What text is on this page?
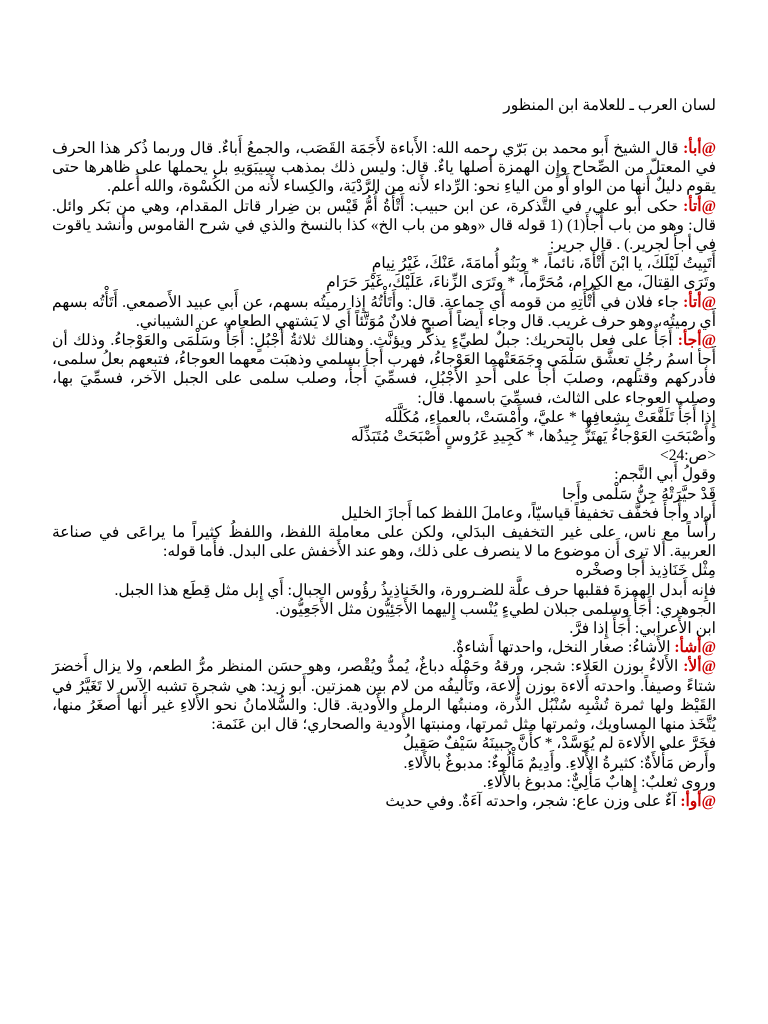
لسان العرب ـ للعلامة ابن المنظور
@أبأ: قال الشيخ أَبو محمد بن بَرّي رحمه الله: الأَباءة لأَجَمَة القَصَب، والجمعُ أَباءٌ. قال وربما ذُكر هذا الحرف في المعتلّ من الصِّحاح وإِن الهمزة أَصلها ياءٌ. قال: وليس ذلك بمذهب سِيبَوَيهِ بل يحملها على ظاهرها حتى يقوم دليلٌ أَنها من الواو أَو من الياءِ نحو: الرِّداء لأَنه من الرَّدْيَة، والكِساء لأَنه من الكُسْوة، والله أَعلم.
@أتأ: حكى أَبو علي، في التَّذكرة، عن ابن حبيب: أَتْأَةُ أُمُّ قَيْس بن ضِرار قاتل المقدام، وهي من بَكر وائل. قال: وهو من باب أَجأَ(1) (1 قوله قال «وهو من باب الخ» كذا بالنسخ والذي في شرح القاموس وأنشد ياقوت في أجأ لجرير.) . قال جرير:
أَتَبِيتُ لَيْلَكَ، يا ابْنَ أَتْأَةَ، نائماً، * وبَنُو أُمامَةَ، عَنْكَ، غَيْرُ نِيامِ
وتَرَى القِتالَ، مع الكِرام، مُحَرَّماً، * وتَرَى الزِّناءَ، عَلَيْكَ، غَيْرَ حَرَامِ
@أتأ: جاء فلان في أُتْأَتِهِ من قومه أَي جماعة. قال: وأَتَأْتُهُ إِذا رميتُه بسهم، عن أَبي عبيد الأَصمعي. أَتَأْتُه بسهم أَي رميتُه، وهو حرف غريب. قال وجاء أَيضاً أَصبح فلانٌ مُوَتَّئاً أَي لا يَشتهي الطعام، عن الشيباني.
@أجأ: أَجَأٌ على فعل بالتحريك: جبلٌ لطيِّءٍ يذكَّر ويؤنَّث. وهنالك ثلاثةُ أَجْبُلٍ: أَجَأٌ وسَلْمَى والعَوْجاءُ. وذلك أن أَجأ اسمُ رجُلٍ تعشَّق سَلْمَى وجَمَعَتْهما العَوْجاءُ، فهرب أَجأ بسلمي وذهبَت معهما العوجاءُ، فتبعهم بعلُ سلمى، فأدركهم وقتلهم، وصلبَ أَجأ على أَحدِ الأَجْبُلِ، فسمِّيَ أَجأً، وصلب سلمى على الجبل الآخر، فسمِّيَ بها، وصلب العوجاء على الثالث، فسمِّيَ باسمها. قال:
إِذا أَجَأٌ تَلَفَّعَتْ بِشِعافِها * عليَّ، وأَمْسَتْ، بالعماءِ، مُكَلَّلَه
وأَصْبَحَتِ العَوْجاءُ يَهتَزُّ جِيدُها، * كَجِيدِ عَرُوسٍ أَصْبَحَتْ مُتَبَذِّلَه
<ص:24>
وقولُ أَبي النَّجم:
قَدْ حيَّرَتْهُ جِنُّ سَلْمى وأَجا
أَراد وأَجأَ فخفَّف تخفيفاً قياسيّاً، وعاملَ اللفظ كما أَجازَ الخليل
رأْساً مع ناس، على غير التخفيف البدَلي، ولكن على معاملة اللفظ، واللفظُ كثيراً ما يراعَى في صناعة العربية. أَلا ترى أَن موضوع ما لا ينصرف على ذلك، وهو عند الأَخفش على البدل. فأَما قوله:
مِثْل خَنَاذِيذ أَجا وصخْره
فإِنه أَبدل الهمزةَ فقلبها حرف علَّة للضـرورة، والخَناذِيذُ رؤُوس الجبال: أَي إِبل مثل قِطَع هذا الجبل.
الجوهري: أَجَأٌ وسلمى جبلان لطيءٍ يُنْسب إِليهما الأَجَئِيُّون مثل الأَجَعِيُّون.
ابن الأَعرابي: أَجَأَ إِذا فرَّ.
@أشأ: الأَشاءُ: صغار النخل، واحدتها أَشاءةٌ.
@ألأ: الأَلاءُ بوزن العَلاء: شجر، ورقهُ وحَمْلُه دباغٌ، يُمدُّ ويُقْصر، وهو حسَن المنظر مرُّ الطعم، ولا يزال أَخضرَ شتاءً وصيفاً. واحدته أَلاءة بوزن أَلاعة، وتَأْليفُه من لام بين همزتين. أَبو زيد: هي شجرة تشبه الآس لا تَغَيَّرُ في القَيْظ ولها ثمرة تُشْبِه سُنْبُل الذُّرة، ومنبتُها الرمل والأَودية. قال: والسُّلامانُ نحو الأَلاءِ غير أَنها أَصغَرُ منها، يُتَّخَذ منها المساويك، وثمرتها مثل ثمرتها، ومنبتها الأَودية والصحاري؛ قال ابن عَنَمة:
فخَرَّ على الأَلاءة لم يُوَسَّدْ، * كأَنَّ جبينَهُ سَيْفٌ صَقِيلُ
وأَرض مَأْلأَةٌ: كثيرةُ الأَلاءِ. وأَدِيمٌ مَأْلُوءٌ: مدبوغٌ بالأَلاءِ.
وروى ثعلبٌ: إِهابٌ مَأْلِيٌّ: مدبوغ بالأَلاءِ.
@أوأ: آءٌ على وزن عاع: شجر، واحدته آءَةٌ. وفي حديث
